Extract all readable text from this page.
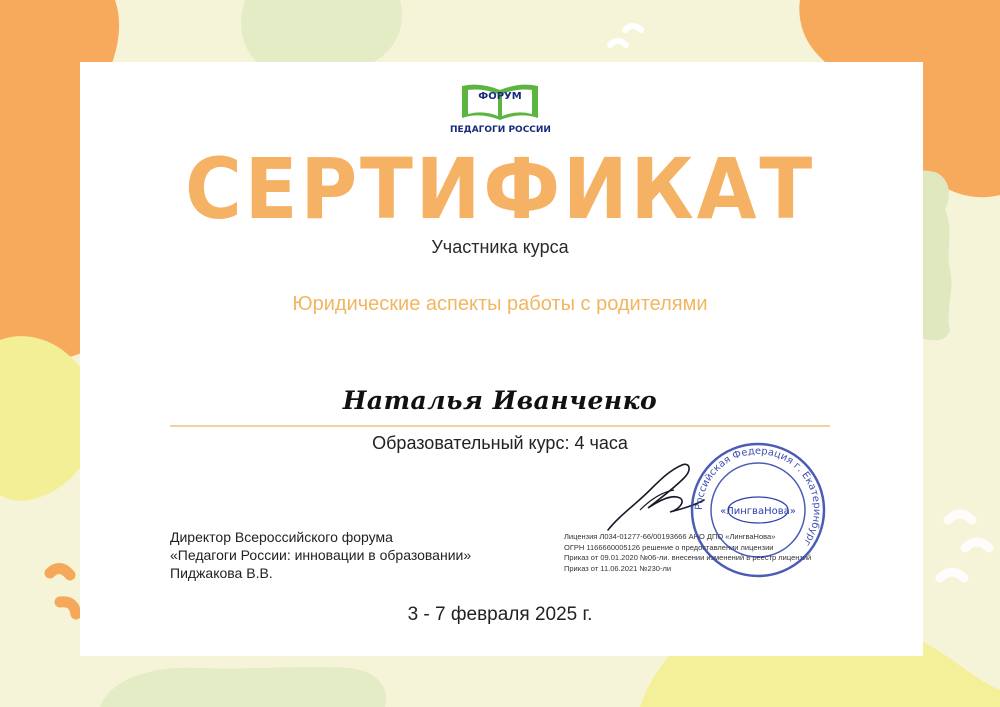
ФОРУМ
ПЕДАГОГИ РОССИИ
СЕРТИФИКАТ
Участника курса
Юридические аспекты работы с родителями
Наталья Иванченко
Образовательный курс: 4 часа
Директор Всероссийского форума
«Педагоги России: инновации в образовании»
Пиджакова В.В.
Лицензия Л034-01277-66/00193666 АНО ДПО «ЛингваНова»
ОГРН 1166660005126 решение о предоставлении лицензии
Приказ от 09.01.2020 №06-ли. внесении изменений в реестр лицензий
Приказ от 11.06.2021 №230-ли
Российская Федерация г. Екатеринбург
«ЛингваНова»
3 - 7 февраля 2025 г.
